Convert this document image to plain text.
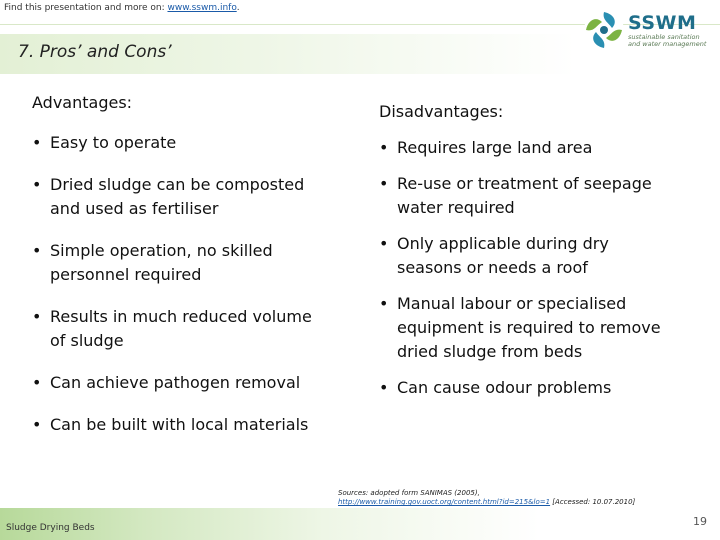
Find this presentation and more on: www.sswm.info.
SSWM
sustainable sanitation
and water management
7. Pros’ and Cons’
Advantages:
• Easy to operate
• Dried sludge can be composted
and used as fertiliser
• Simple operation, no skilled
personnel required
• Results in much reduced volume
of sludge
• Can achieve pathogen removal
• Can be built with local materials
Disadvantages:
• Requires large land area
• Re-use or treatment of seepage
water required
• Only applicable during dry
seasons or needs a roof
• Manual labour or specialised
equipment is required to remove
dried sludge from beds
• Can cause odour problems
Sources: adopted form SANIMAS (2005),
http://www.training.gov.uoct.org/content.html?id=215&lo=1 [Accessed: 10.07.2010]
Sludge Drying Beds	19
